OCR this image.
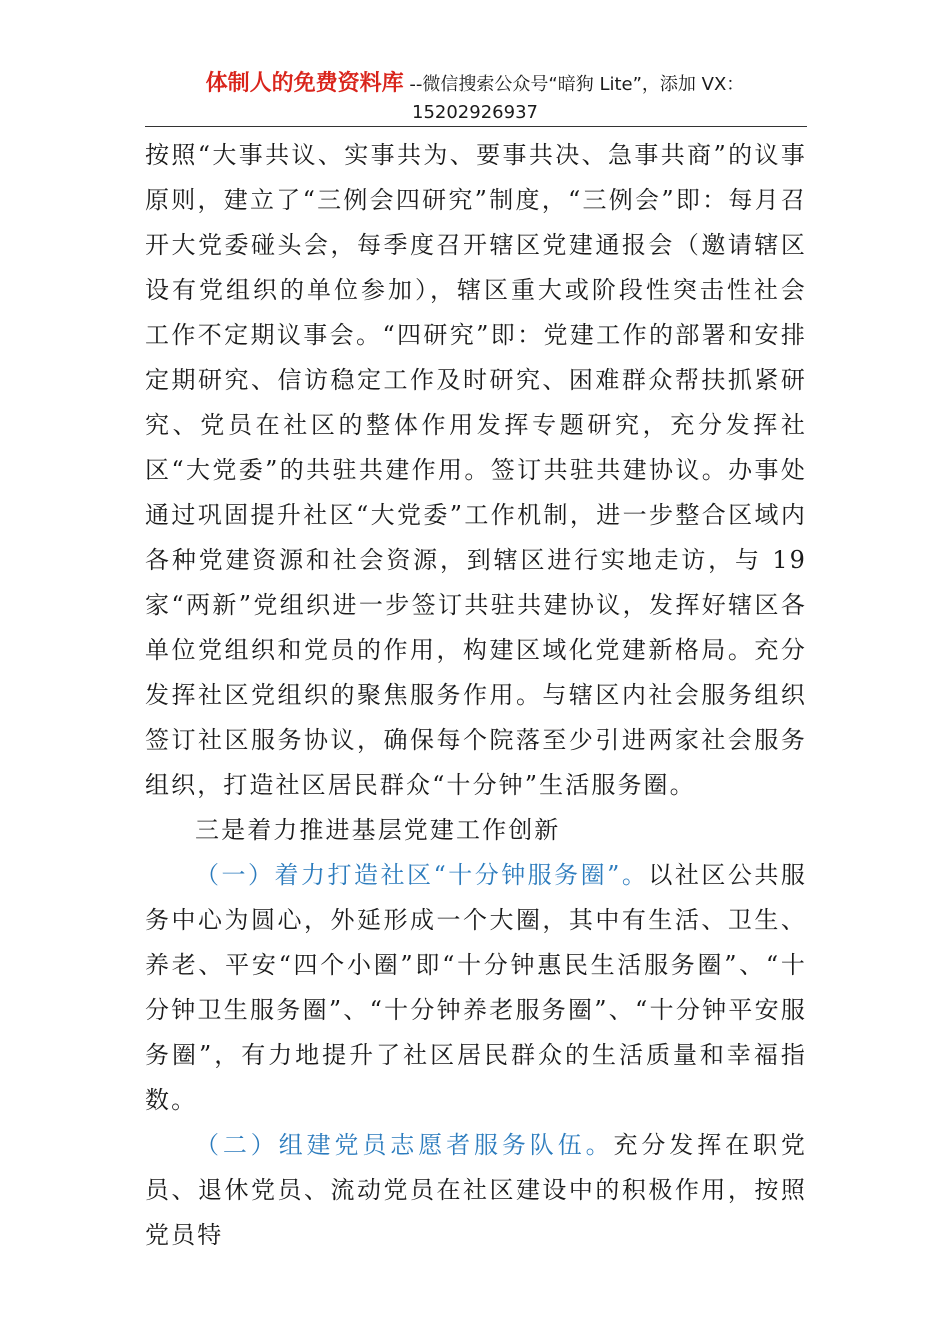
体制人的免费资料库 --微信搜索公众号“暗狗 Lite”，添加 VX：
15202926937

按照“大事共议、实事共为、要事共决、急事共商”的议事原则，建立了“三例会四研究”制度，“三例会”即：每月召开大党委碰头会，每季度召开辖区党建通报会（邀请辖区设有党组织的单位参加），辖区重大或阶段性突击性社会工作不定期议事会。“四研究”即：党建工作的部署和安排定期研究、信访稳定工作及时研究、困难群众帮扶抓紧研究、党员在社区的整体作用发挥专题研究，充分发挥社区“大党委”的共驻共建作用。签订共驻共建协议。办事处通过巩固提升社区“大党委”工作机制，进一步整合区域内各种党建资源和社会资源，到辖区进行实地走访，与 19 家“两新”党组织进一步签订共驻共建协议，发挥好辖区各单位党组织和党员的作用，构建区域化党建新格局。充分发挥社区党组织的聚焦服务作用。与辖区内社会服务组织签订社区服务协议，确保每个院落至少引进两家社会服务组织，打造社区居民群众“十分钟”生活服务圈。

三是着力推进基层党建工作创新

（一）着力打造社区“十分钟服务圈”。以社区公共服务中心为圆心，外延形成一个大圈，其中有生活、卫生、养老、平安“四个小圈”即“十分钟惠民生活服务圈”、“十分钟卫生服务圈”、“十分钟养老服务圈”、“十分钟平安服务圈”，有力地提升了社区居民群众的生活质量和幸福指数。

（二）组建党员志愿者服务队伍。充分发挥在职党员、退休党员、流动党员在社区建设中的积极作用，按照党员特
